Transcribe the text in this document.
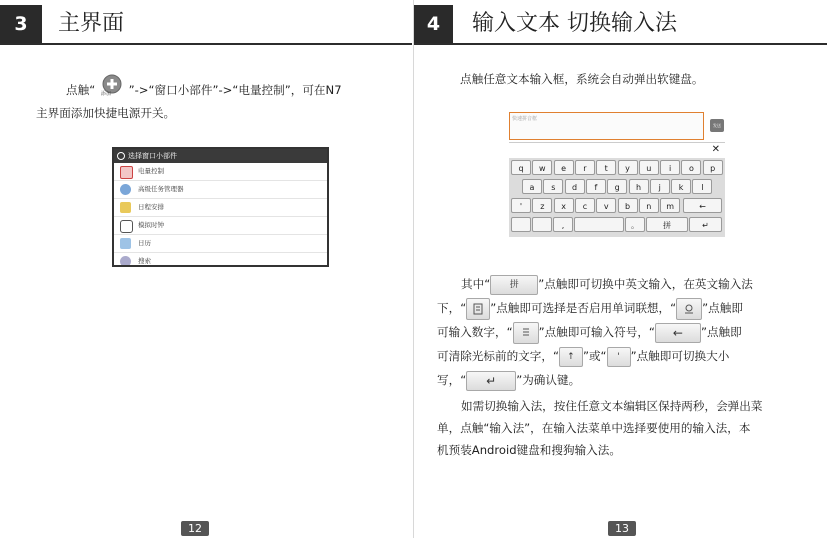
3	主界面
点触“ 添加 ”->“窗口小部件”->“电量控制”，可在N7
主界面添加快捷电源开关。
选择窗口小部件
电量控制
高级任务管理器
日程安排
模拟时钟
日历
搜索
12
4	输入文本 切换输入法
点触任意文本输入框，系统会自动弹出软键盘。
13
快速拼音框
发送
✕
q	w	e	r	t	y	u	i	o	p
a	s	d	f	g	h	j	k	l
'	z	x	c	v	b	n	m	←
,	。	拼	↵
其中“ 拼 ”点触即可切换中英文输入，在英文输入法
下，“ ”点触即可选择是否启用单词联想，“ ”点触即
可输入数字，“ ”点触即可输入符号，“ ← ”点触即
可清除光标前的文字，“ ↑ ”或“ ' ”点触即可切换大小
写，“ ↵ ”为确认键。
如需切换输入法，按住任意文本编辑区保持两秒，会弹出菜
单，点触“输入法”，在输入法菜单中选择要使用的输入法，本
机预装Android键盘和搜狗输入法。
